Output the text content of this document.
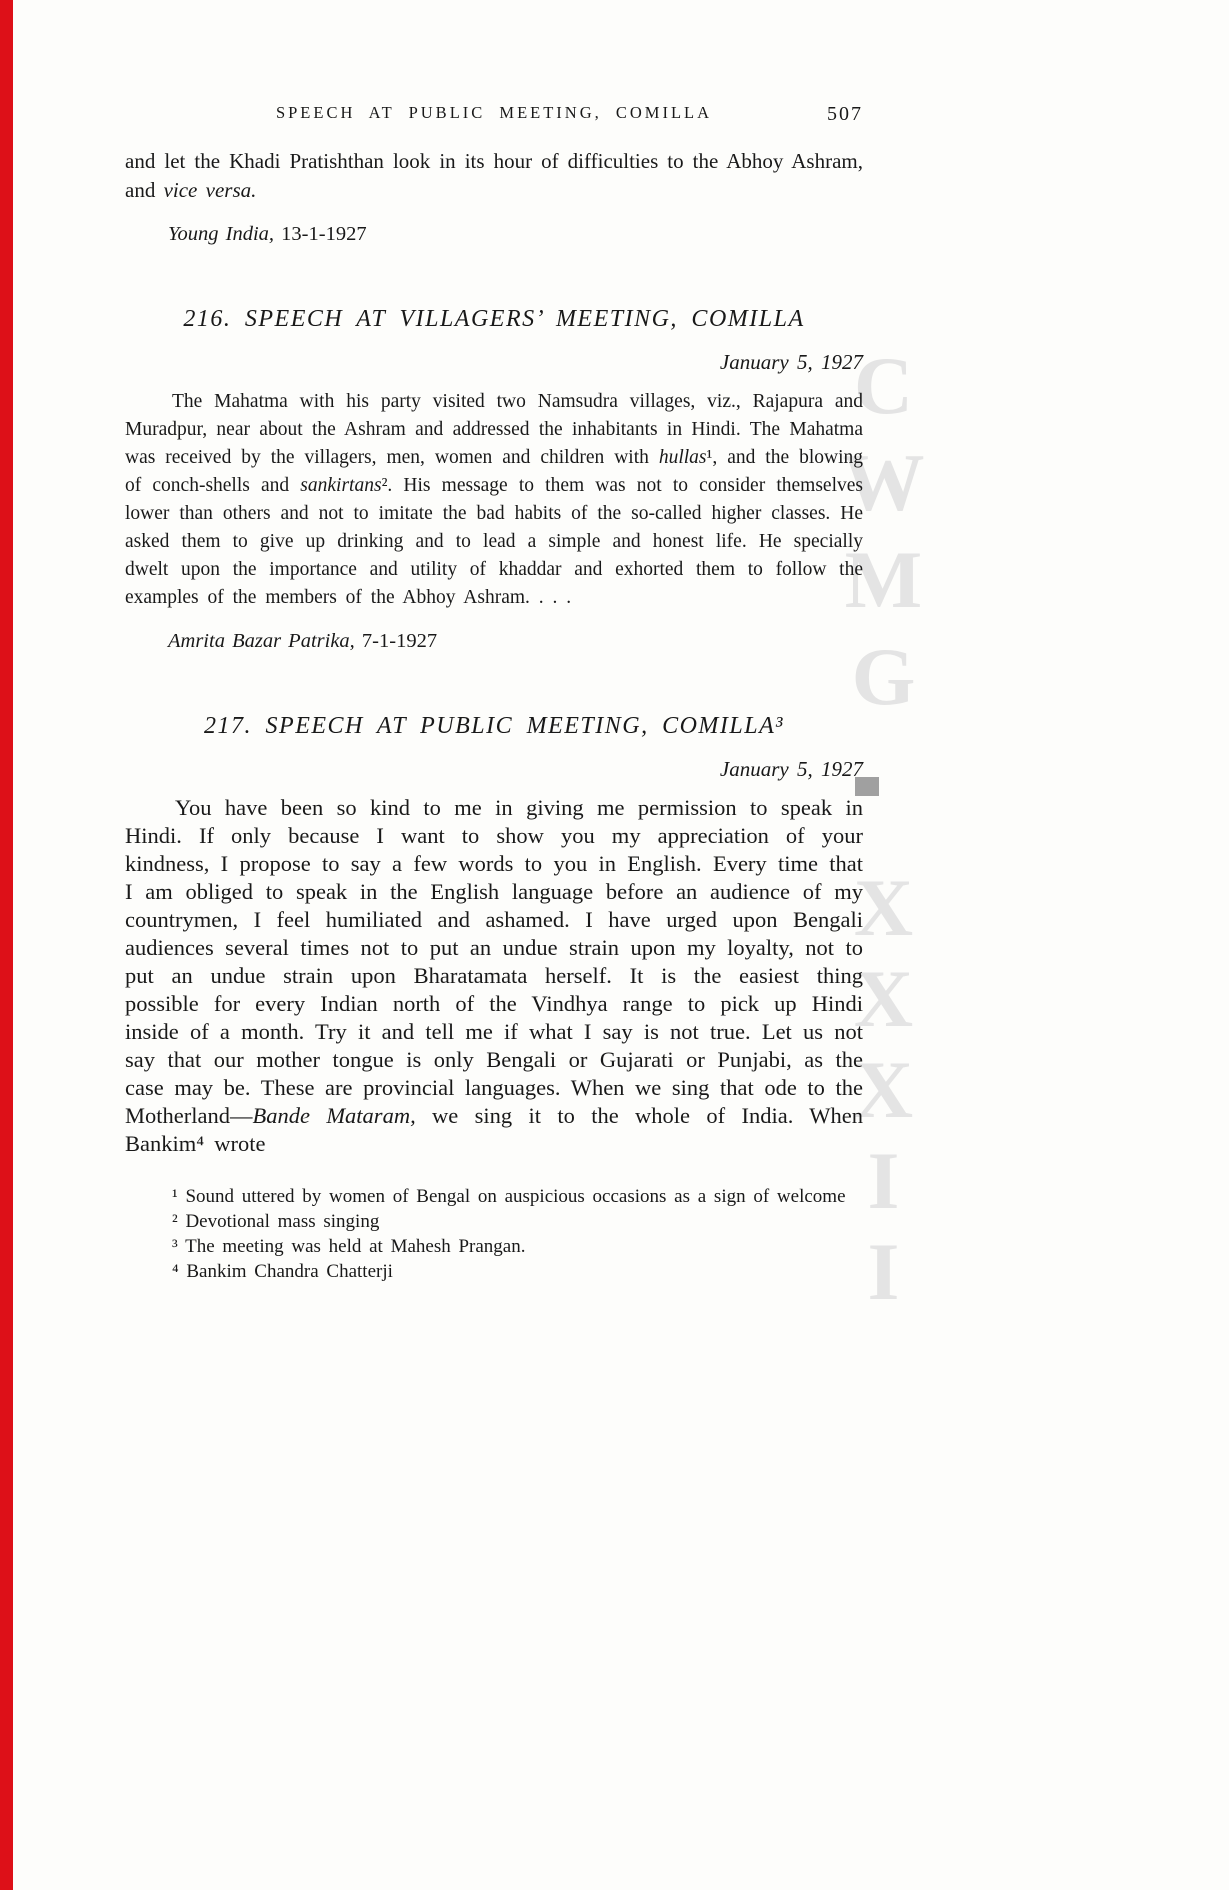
CWMG
XXXII
SPEECH AT PUBLIC MEETING, COMILLA	507

and let the Khadi Pratishthan look in its hour of difficulties to the Abhoy Ashram, and vice versa.

Young India, 13-1-1927

216. SPEECH AT VILLAGERS’ MEETING, COMILLA
January 5, 1927

The Mahatma with his party visited two Namsudra villages, viz., Rajapura and Muradpur, near about the Ashram and addressed the inhabitants in Hindi. The Mahatma was received by the villagers, men, women and children with hullas¹, and the blowing of conch-shells and sankirtans². His message to them was not to consider themselves lower than others and not to imitate the bad habits of the so-called higher classes. He asked them to give up drinking and to lead a simple and honest life. He specially dwelt upon the importance and utility of khaddar and exhorted them to follow the examples of the members of the Abhoy Ashram. . . .

Amrita Bazar Patrika, 7-1-1927

217. SPEECH AT PUBLIC MEETING, COMILLA³
January 5, 1927

You have been so kind to me in giving me permission to speak in Hindi. If only because I want to show you my appreciation of your kindness, I propose to say a few words to you in English. Every time that I am obliged to speak in the English language before an audience of my countrymen, I feel humiliated and ashamed. I have urged upon Bengali audiences several times not to put an undue strain upon my loyalty, not to put an undue strain upon Bharatamata herself. It is the easiest thing possible for every Indian north of the Vindhya range to pick up Hindi inside of a month. Try it and tell me if what I say is not true. Let us not say that our mother tongue is only Bengali or Gujarati or Punjabi, as the case may be. These are provincial languages. When we sing that ode to the Motherland—Bande Mataram, we sing it to the whole of India. When Bankim⁴ wrote

¹ Sound uttered by women of Bengal on auspicious occasions as a sign of welcome

² Devotional mass singing

³ The meeting was held at Mahesh Prangan.

⁴ Bankim Chandra Chatterji
